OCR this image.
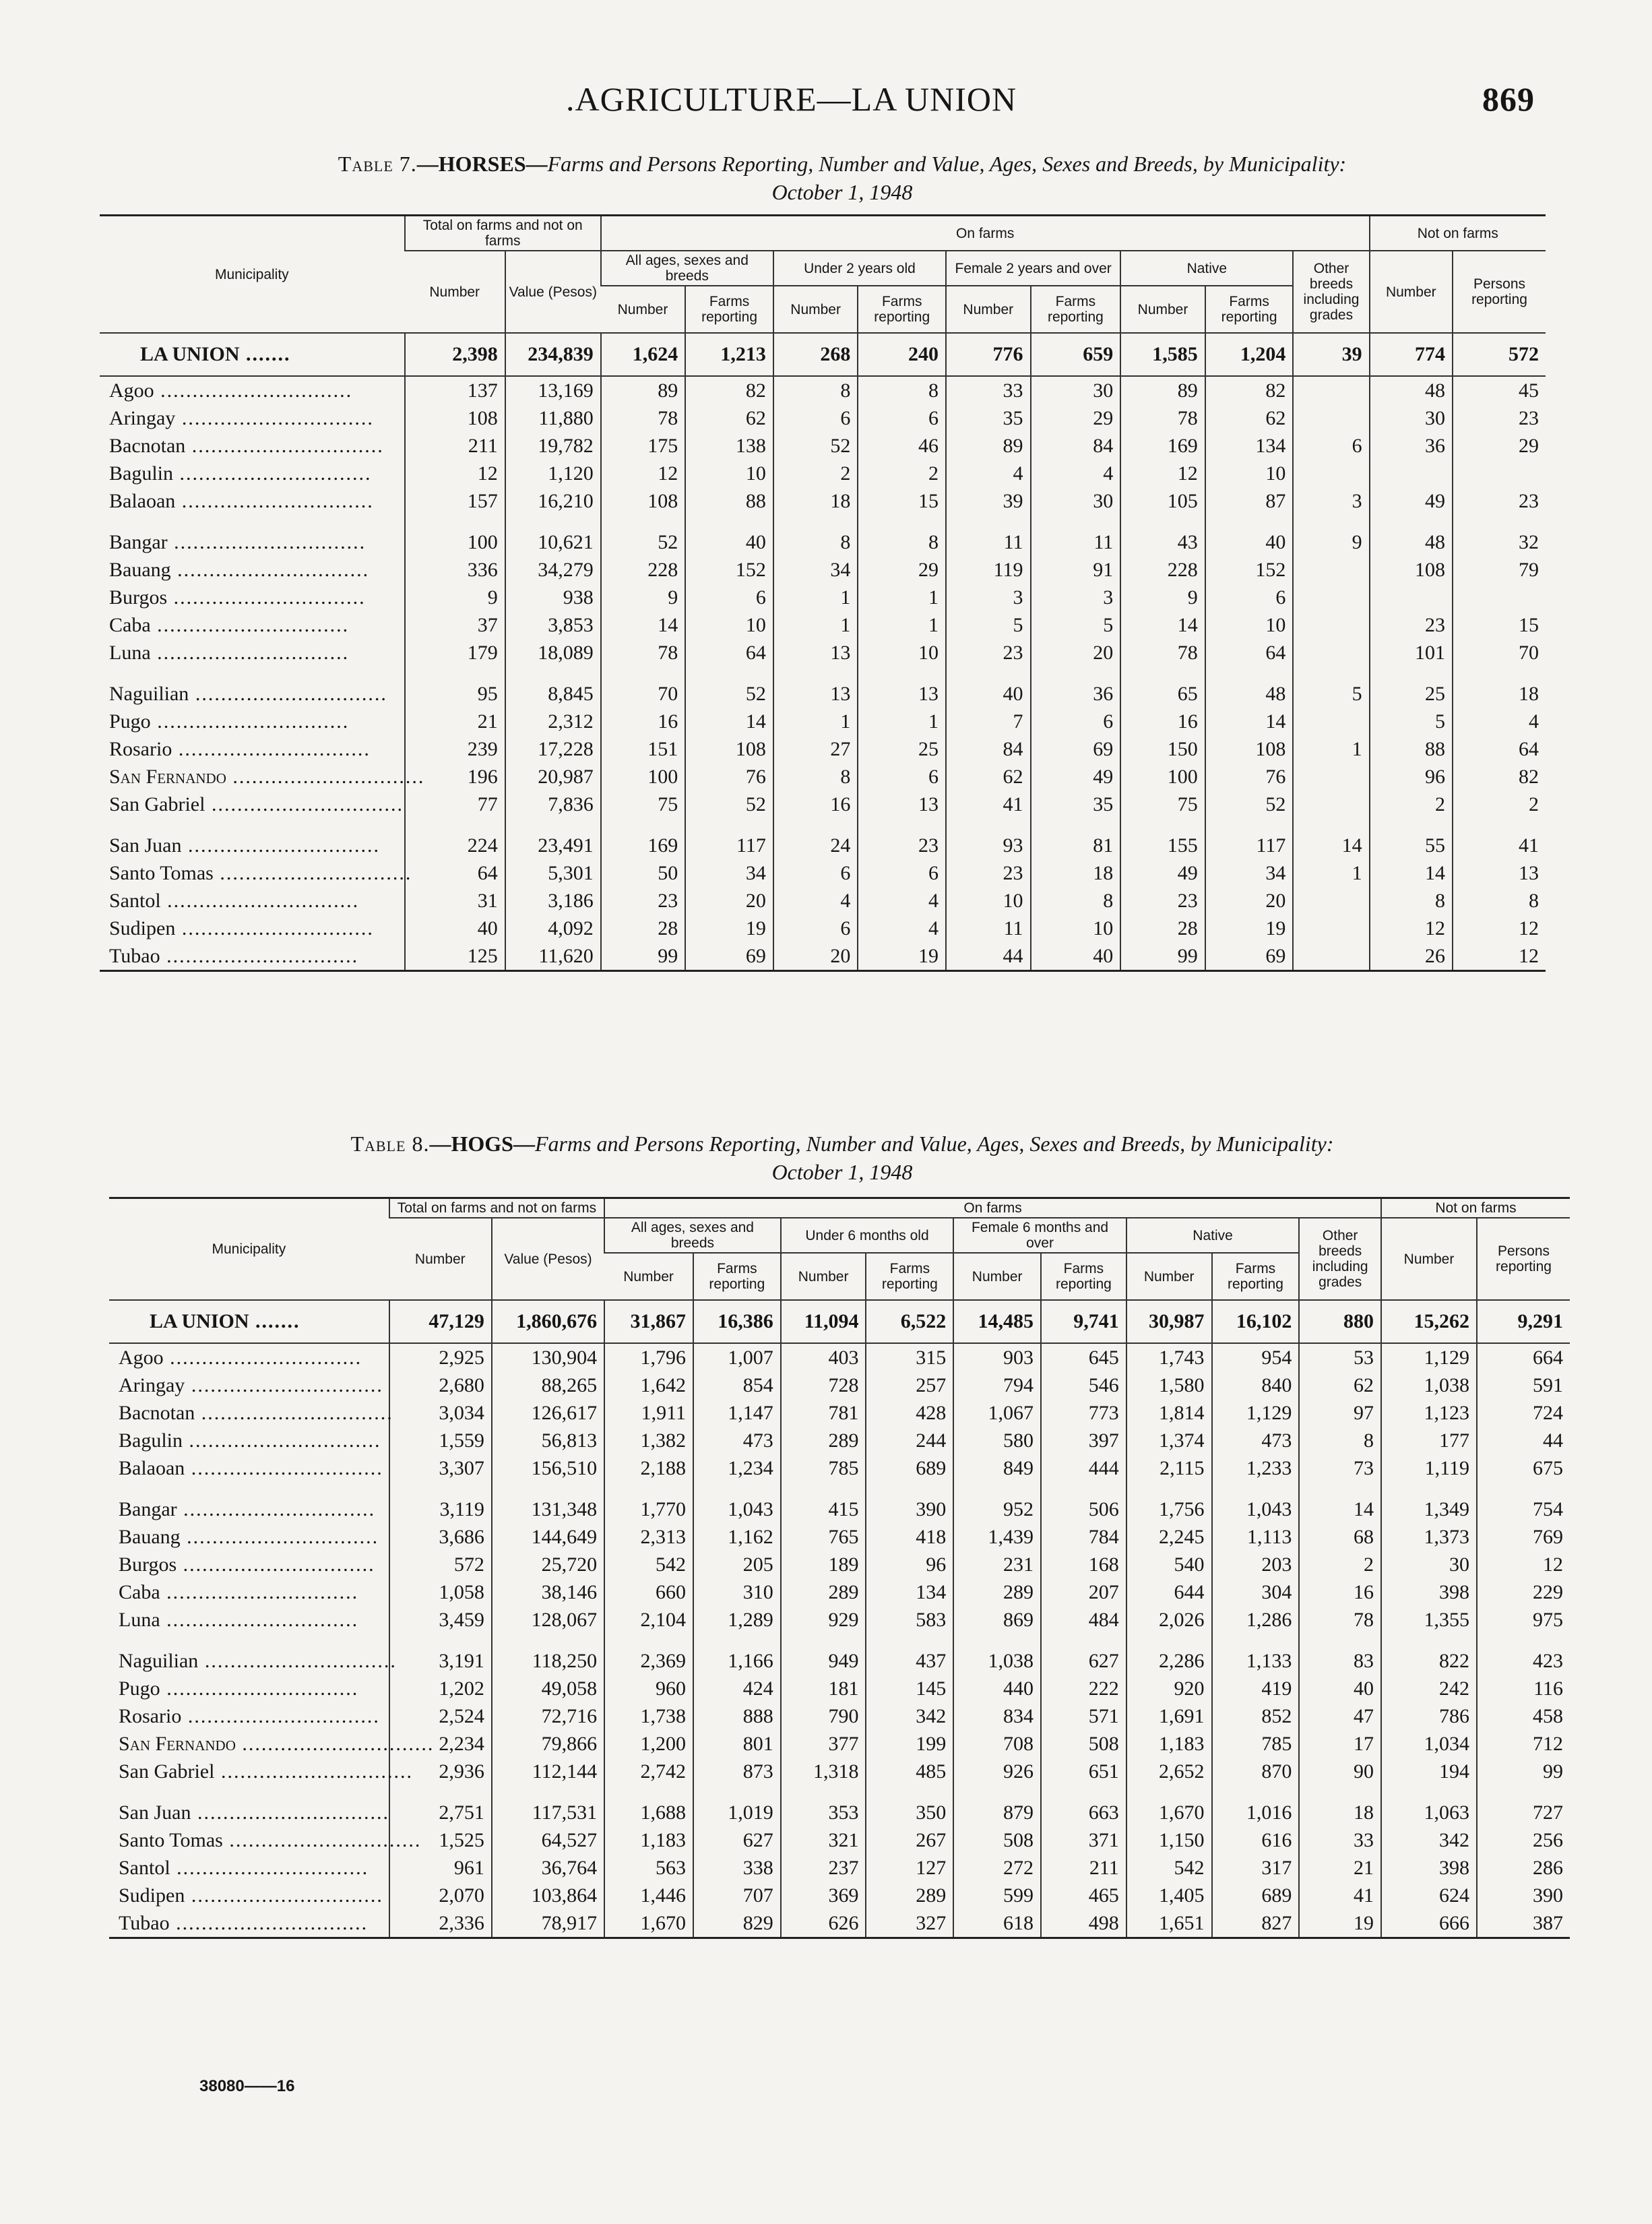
.AGRICULTURE—LA UNION	869
Table 7.—HORSES—Farms and Persons Reporting, Number and Value, Ages, Sexes and Breeds, by Municipality:
October 1, 1948
Municipality	Total on farms and not on farms		On farms									Not on farms	
	Number	Value (Pesos)	All ages, sexes and breeds		Under 2 years old		Female 2 years and over		Native		Other breeds including grades	Number	Persons reporting
			Number	Farms reporting	Number	Farms reporting	Number	Farms reporting	Number	Farms reporting			
LA UNION .......	2,398	234,839	1,624	1,213	268	240	776	659	1,585	1,204	39	774	572
Agoo ..............................	137	13,169	89	82	8	8	33	30	89	82		48	45
Aringay ..............................	108	11,880	78	62	6	6	35	29	78	62		30	23
Bacnotan ..............................	211	19,782	175	138	52	46	89	84	169	134	6	36	29
Bagulin ..............................	12	1,120	12	10	2	2	4	4	12	10			
Balaoan ..............................	157	16,210	108	88	18	15	39	30	105	87	3	49	23

Bangar ..............................	100	10,621	52	40	8	8	11	11	43	40	9	48	32
Bauang ..............................	336	34,279	228	152	34	29	119	91	228	152		108	79
Burgos ..............................	9	938	9	6	1	1	3	3	9	6			
Caba ..............................	37	3,853	14	10	1	1	5	5	14	10		23	15
Luna ..............................	179	18,089	78	64	13	10	23	20	78	64		101	70

Naguilian ..............................	95	8,845	70	52	13	13	40	36	65	48	5	25	18
Pugo ..............................	21	2,312	16	14	1	1	7	6	16	14		5	4
Rosario ..............................	239	17,228	151	108	27	25	84	69	150	108	1	88	64
San Fernando ..............................	196	20,987	100	76	8	6	62	49	100	76		96	82
San Gabriel ..............................	77	7,836	75	52	16	13	41	35	75	52		2	2

San Juan ..............................	224	23,491	169	117	24	23	93	81	155	117	14	55	41
Santo Tomas ..............................	64	5,301	50	34	6	6	23	18	49	34	1	14	13
Santol ..............................	31	3,186	23	20	4	4	10	8	23	20		8	8
Sudipen ..............................	40	4,092	28	19	6	4	11	10	28	19		12	12
Tubao ..............................	125	11,620	99	69	20	19	44	40	99	69		26	12
Table 8.—HOGS—Farms and Persons Reporting, Number and Value, Ages, Sexes and Breeds, by Municipality:
October 1, 1948
Municipality	Total on farms and not on farms		On farms									Not on farms	
	Number	Value (Pesos)	All ages, sexes and breeds		Under 6 months old		Female 6 months and over		Native		Other breeds including grades	Number	Persons reporting
			Number	Farms reporting	Number	Farms reporting	Number	Farms reporting	Number	Farms reporting			
LA UNION .......	47,129	1,860,676	31,867	16,386	11,094	6,522	14,485	9,741	30,987	16,102	880	15,262	9,291
Agoo ..............................	2,925	130,904	1,796	1,007	403	315	903	645	1,743	954	53	1,129	664
Aringay ..............................	2,680	88,265	1,642	854	728	257	794	546	1,580	840	62	1,038	591
Bacnotan ..............................	3,034	126,617	1,911	1,147	781	428	1,067	773	1,814	1,129	97	1,123	724
Bagulin ..............................	1,559	56,813	1,382	473	289	244	580	397	1,374	473	8	177	44
Balaoan ..............................	3,307	156,510	2,188	1,234	785	689	849	444	2,115	1,233	73	1,119	675

Bangar ..............................	3,119	131,348	1,770	1,043	415	390	952	506	1,756	1,043	14	1,349	754
Bauang ..............................	3,686	144,649	2,313	1,162	765	418	1,439	784	2,245	1,113	68	1,373	769
Burgos ..............................	572	25,720	542	205	189	96	231	168	540	203	2	30	12
Caba ..............................	1,058	38,146	660	310	289	134	289	207	644	304	16	398	229
Luna ..............................	3,459	128,067	2,104	1,289	929	583	869	484	2,026	1,286	78	1,355	975

Naguilian ..............................	3,191	118,250	2,369	1,166	949	437	1,038	627	2,286	1,133	83	822	423
Pugo ..............................	1,202	49,058	960	424	181	145	440	222	920	419	40	242	116
Rosario ..............................	2,524	72,716	1,738	888	790	342	834	571	1,691	852	47	786	458
San Fernando ..............................	2,234	79,866	1,200	801	377	199	708	508	1,183	785	17	1,034	712
San Gabriel ..............................	2,936	112,144	2,742	873	1,318	485	926	651	2,652	870	90	194	99

San Juan ..............................	2,751	117,531	1,688	1,019	353	350	879	663	1,670	1,016	18	1,063	727
Santo Tomas ..............................	1,525	64,527	1,183	627	321	267	508	371	1,150	616	33	342	256
Santol ..............................	961	36,764	563	338	237	127	272	211	542	317	21	398	286
Sudipen ..............................	2,070	103,864	1,446	707	369	289	599	465	1,405	689	41	624	390
Tubao ..............................	2,336	78,917	1,670	829	626	327	618	498	1,651	827	19	666	387
38080——16
